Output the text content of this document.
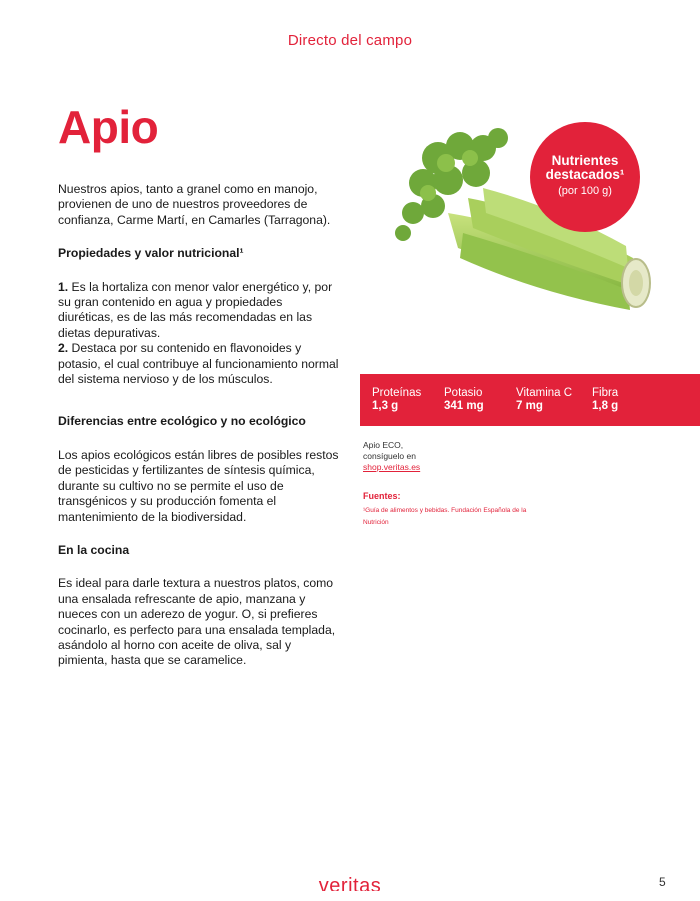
Directo del campo
Apio

Nuestros apios, tanto a granel como en manojo, provienen de uno de nuestros proveedores de confianza, Carme Martí, en Camarles (Tarragona).

Propiedades y valor nutricional¹

1. Es la hortaliza con menor valor energético y, por su gran contenido en agua y propiedades diuréticas, es de las más recomendadas en las dietas depurativas.

2. Destaca por su contenido en flavonoides y potasio, el cual contribuye al funcionamiento normal del sistema nervioso y de los músculos.

Diferencias entre ecológico y no ecológico

Los apios ecológicos están libres de posibles restos de pesticidas y fertilizantes de síntesis química, durante su cultivo no se permite el uso de transgénicos y su producción fomenta el mantenimiento de la biodiversidad.

En la cocina

Es ideal para darle textura a nuestros platos, como una ensalada refrescante de apio, manzana y nueces con un aderezo de yogur. O, si prefieres cocinarlo, es perfecto para una ensalada templada, asándolo al horno con aceite de oliva, sal y pimienta, hasta que se caramelice.

Nutrientes destacados¹
(por 100 g)
Proteínas
1,3 g
Potasio
341 mg
Vitamina C
7 mg
Fibra
1,8 g
Apio ECO,
consíguelo en
shop.veritas.es
Fuentes:
¹Guía de alimentos y bebidas. Fundación Española de la Nutrición
veritas	5
